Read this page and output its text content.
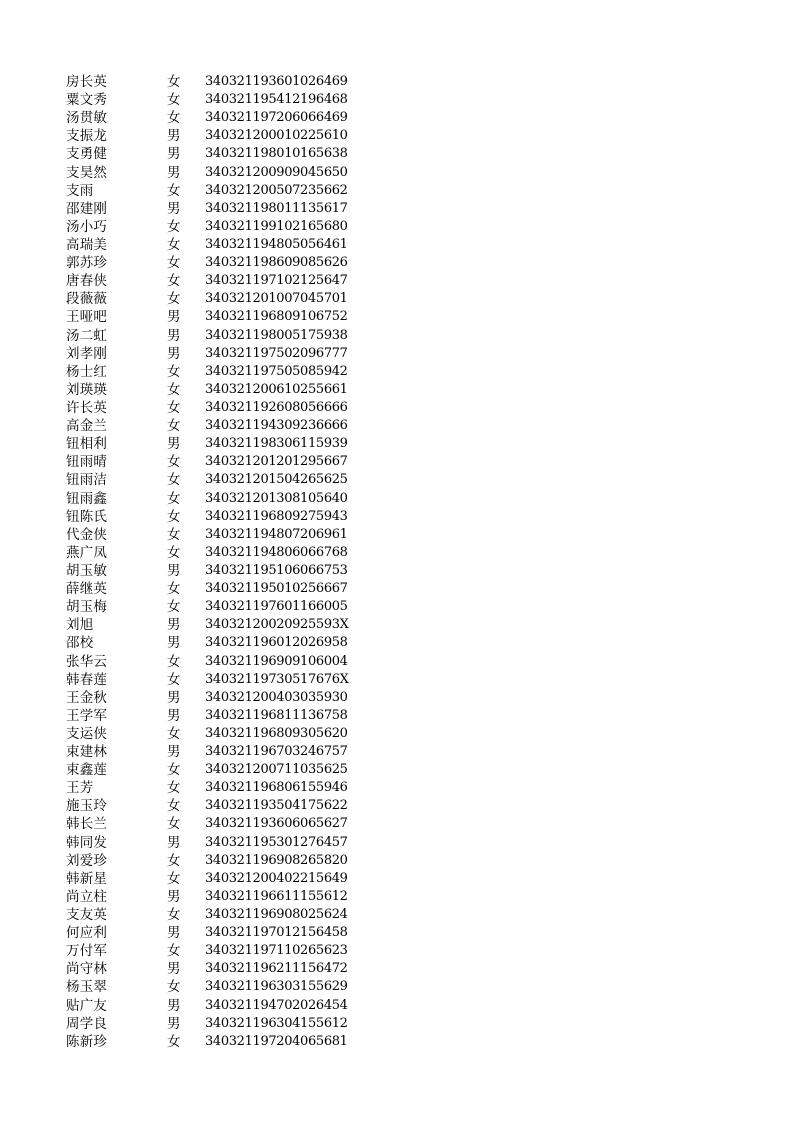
房长英	女 340321193601026469
粟文秀	女 340321195412196468
汤贯敏	女 340321197206066469
支振龙	男 340321200010225610
支勇健	男 340321198010165638
支昊然	男 340321200909045650
支雨	女 340321200507235662
邵建刚	男 340321198011135617
汤小巧	女 340321199102165680
高瑞美	女 340321194805056461
郭苏珍	女 340321198609085626
唐春侠	女 340321197102125647
段薇薇	女 340321201007045701
王哑吧	男 340321196809106752
汤二虹	男 340321198005175938
刘孝刚	男 340321197502096777
杨士红	女 340321197505085942
刘瑛瑛	女 340321200610255661
许长英	女 340321192608056666
高金兰	女 340321194309236666
钮相利	男 340321198306115939
钮雨晴	女 340321201201295667
钮雨洁	女 340321201504265625
钮雨鑫	女 340321201308105640
钮陈氏	女 340321196809275943
代金侠	女 340321194807206961
燕广凤	女 340321194806066768
胡玉敏	男 340321195106066753
薛继英	女 340321195010256667
胡玉梅	女 340321197601166005
刘旭	男 34032120020925593X
邵校	男 340321196012026958
张华云	女 340321196909106004
韩春莲	女 34032119730517676X
王金秋	男 340321200403035930
王学军	男 340321196811136758
支运侠	女 340321196809305620
束建林	男 340321196703246757
束鑫莲	女 340321200711035625
王芳	女 340321196806155946
施玉玲	女 340321193504175622
韩长兰	女 340321193606065627
韩同发	男 340321195301276457
刘爱珍	女 340321196908265820
韩新星	女 340321200402215649
尚立柱	男 340321196611155612
支友英	女 340321196908025624
何应利	男 340321197012156458
万付军	女 340321197110265623
尚守林	男 340321196211156472
杨玉翠	女 340321196303155629
贴广友	男 340321194702026454
周学良	男 340321196304155612
陈新珍	女 340321197204065681
